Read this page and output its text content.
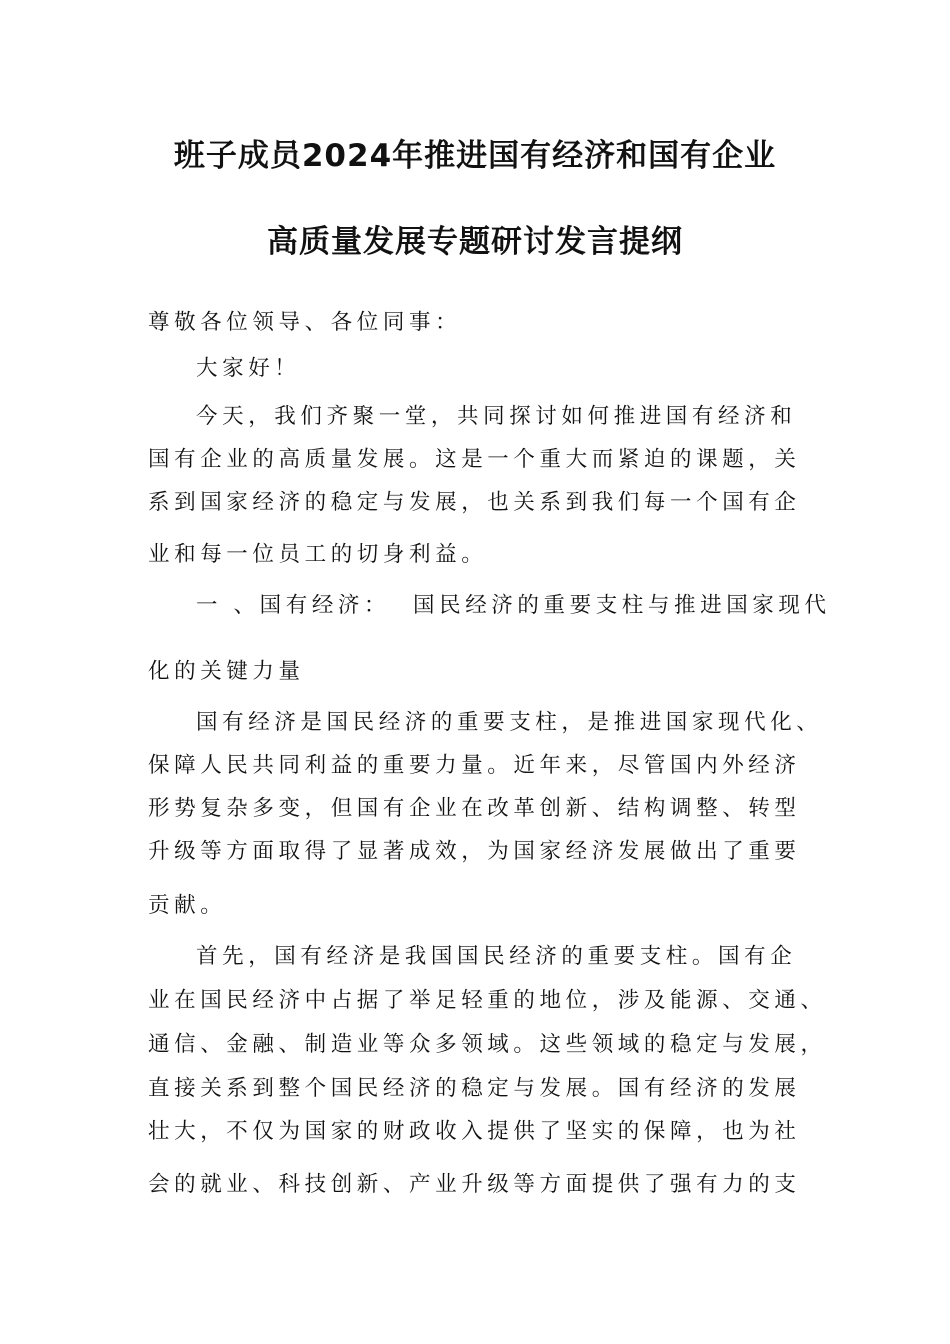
班子成员2024年推进国有经济和国有企业
高质量发展专题研讨发言提纲
尊敬各位领导、各位同事：
大家好！
今天，我们齐聚一堂，共同探讨如何推进国有经济和
国有企业的高质量发展。这是一个重大而紧迫的课题，关
系到国家经济的稳定与发展，也关系到我们每一个国有企
业和每一位员工的切身利益。
一 、国有经济：  国民经济的重要支柱与推进国家现代
化的关键力量
国有经济是国民经济的重要支柱，是推进国家现代化、
保障人民共同利益的重要力量。近年来，尽管国内外经济
形势复杂多变，但国有企业在改革创新、结构调整、转型
升级等方面取得了显著成效，为国家经济发展做出了重要
贡献。
首先，国有经济是我国国民经济的重要支柱。国有企
业在国民经济中占据了举足轻重的地位，涉及能源、交通、
通信、金融、制造业等众多领域。这些领域的稳定与发展，
直接关系到整个国民经济的稳定与发展。国有经济的发展
壮大，不仅为国家的财政收入提供了坚实的保障，也为社
会的就业、科技创新、产业升级等方面提供了强有力的支
